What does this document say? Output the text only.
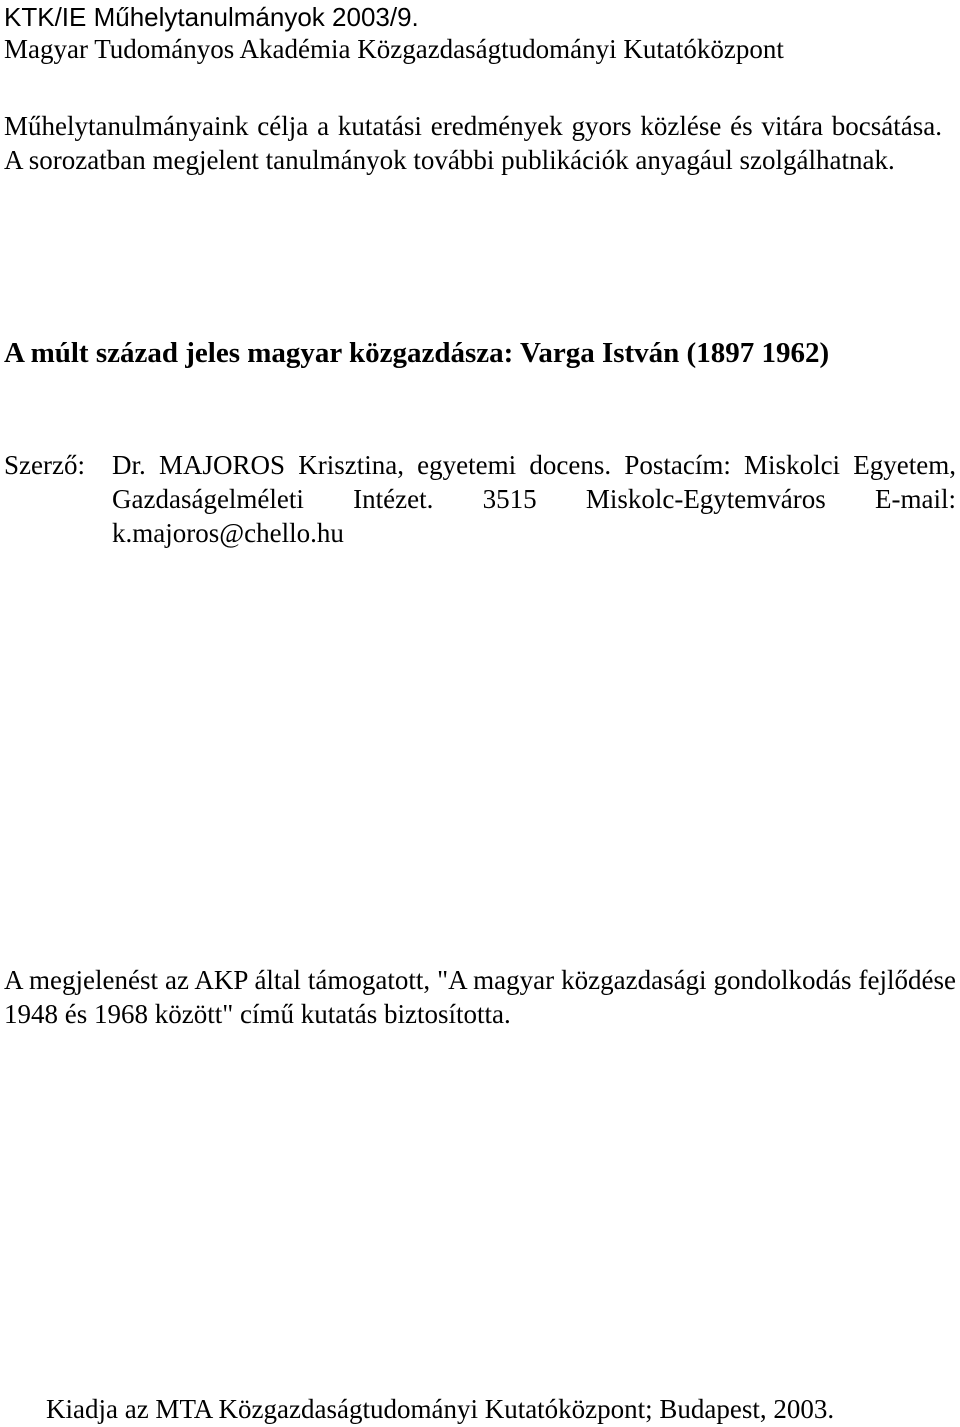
KTK/IE Műhelytanulmányok 2003/9.
Magyar Tudományos Akadémia Közgazdaságtudományi Kutatóközpont
Műhelytanulmányaink célja a kutatási eredmények gyors közlése és vitára bocsátása. A sorozatban megjelent tanulmányok további publikációk anyagául szolgálhatnak.
A múlt század jeles magyar közgazdásza: Varga István (1897 1962)
Szerző: Dr. MAJOROS Krisztina, egyetemi docens. Postacím: Miskolci Egyetem, Gazdaságelméleti Intézet. 3515 Miskolc-Egytemváros E-mail: k.majoros@chello.hu
A megjelenést az AKP által támogatott, "A magyar közgazdasági gondolkodás fejlődése 1948 és 1968 között" című kutatás biztosította.
Kiadja az MTA Közgazdaságtudományi Kutatóközpont; Budapest, 2003.
